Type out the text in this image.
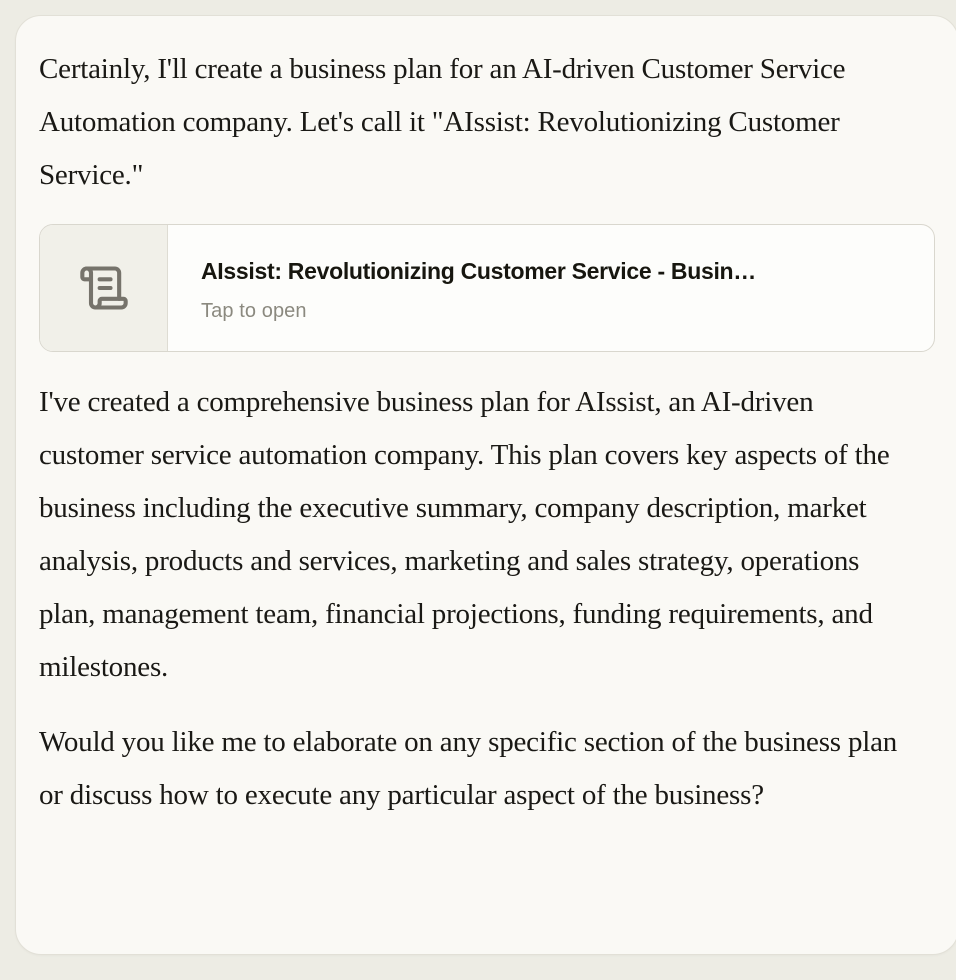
Certainly, I'll create a business plan for an AI-driven Customer Service Automation company. Let's call it "AIssist: Revolutionizing Customer Service."

AIssist: Revolutionizing Customer Service - Busin…
Tap to open

I've created a comprehensive business plan for AIssist, an AI-driven customer service automation company. This plan covers key aspects of the business including the executive summary, company description, market analysis, products and services, marketing and sales strategy, operations plan, management team, financial projections, funding requirements, and milestones.

Would you like me to elaborate on any specific section of the business plan or discuss how to execute any particular aspect of the business?
